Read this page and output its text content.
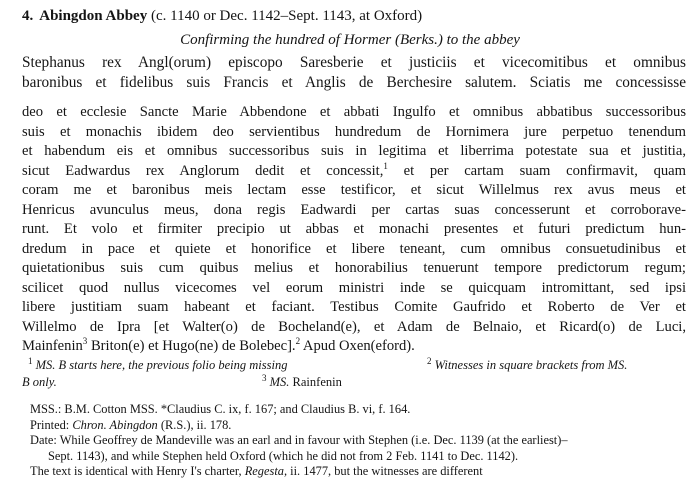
4. Abingdon Abbey (c. 1140 or Dec. 1142–Sept. 1143, at Oxford)
Confirming the hundred of Hormer (Berks.) to the abbey
Stephanus rex Angl(orum) episcopo Saresberie et justiciis et vicecomitibus et omnibus
baronibus et fidelibus suis Francis et Anglis de Berchesire salutem. Sciatis me concessisse
deo et ecclesie Sancte Marie Abbendone et abbati Ingulfo et omnibus abbatibus successoribus
suis et monachis ibidem deo servientibus hundredum de Hornimera jure perpetuo tenendum
et habendum eis et omnibus successoribus suis in legitima et liberrima potestate sua et justitia,
sicut Eadwardus rex Anglorum dedit et concessit,$^1$ et per cartam suam confirmavit, quam
coram me et baronibus meis lectam esse testificor, et sicut Willelmus rex avus meus et
Henricus avunculus meus, dona regis Eadwardi per cartas suas concesserunt et corroborave-
runt. Et volo et firmiter precipio ut abbas et monachi presentes et futuri predictum hun-
dredum in pace et quiete et honorifice et libere teneant, cum omnibus consuetudinibus et
quietationibus suis cum quibus melius et honorabilius tenuerunt tempore predictorum regum;
scilicet quod nullus vicecomes vel eorum ministri inde se quicquam intromittant, sed ipsi
libere justitiam suam habeant et faciant. Testibus Comite Gaufrido et Roberto de Ver et
Willelmo de Ipra [et Walter(o) de Bocheland(e), et Adam de Belnaio, et Ricard(o) de Luci,
Mainfenin$^3$ Briton(e) et Hugo(ne) de Bolebec].$^2$ Apud Oxen(eford).
$^1$ MS. B starts here, the previous folio being missing	$^2$ Witnesses in square brackets from MS.
B only.	$^3$ MS. Rainfenin
MSS.: B.M. Cotton MSS. *Claudius C. ix, f. 167; and Claudius B. vi, f. 164.
Printed: Chron. Abingdon (R.S.), ii. 178.
Date: While Geoffrey de Mandeville was an earl and in favour with Stephen (i.e. Dec. 1139 (at the earliest)–
Sept. 1143), and while Stephen held Oxford (which he did not from 2 Feb. 1141 to Dec. 1142).
The text is identical with Henry I's charter, Regesta, ii. 1477, but the witnesses are different
